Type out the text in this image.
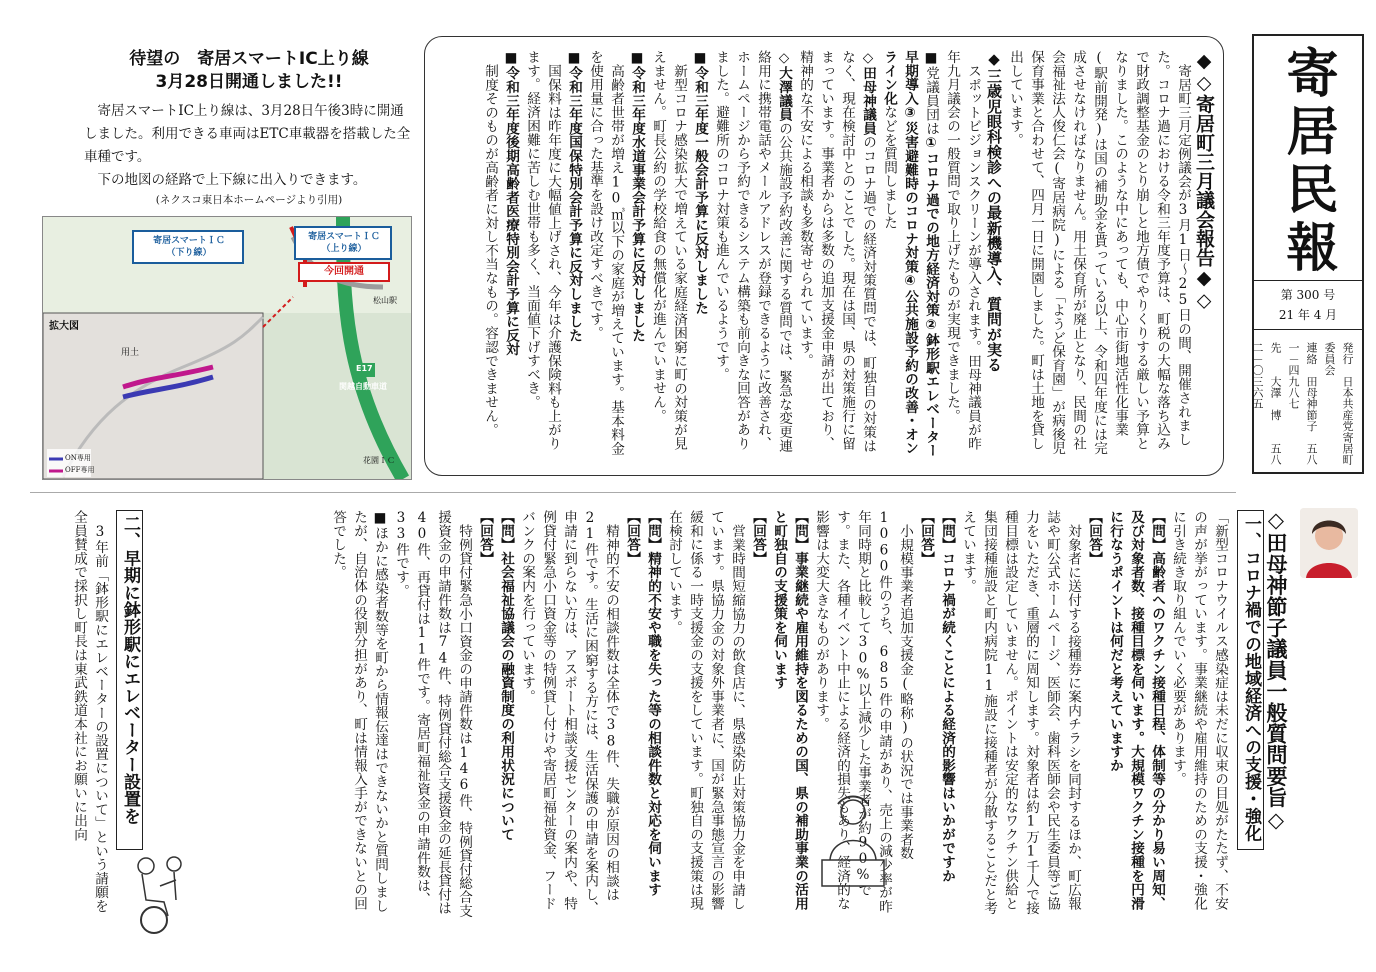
寄居民報
第 300 号
21 年 4 月

発行　日本共産党寄居町委員会

連絡　田母神節子　五八一－四九八七

先　　大澤　博　　五八二－〇三六五

◆◇寄居町三月議会報告◆◇

寄居町三月定例議会が3月1日～25日の間、開催されました。コロナ過における令和三年度予算は、町税の大幅な落ち込みで財政調整基金のとり崩しと地方債でやりくりする厳しい予算となりました。このような中にあっても、中心市街地活性化事業(駅前開発)は国の補助金を貰っている以上、令和四年度には完成させなければなりません。用土保育所が廃止となり、民間の社会福祉法人俊仁会(寄居病院)による「ようど保育園」が病後児保育事業と合わせて、四月一日に開園しました。町は土地を貸し出しています。

◆三歳児眼科検診への最新機導入、質問が実る

スポットビジョンスクリーンが導入されます。田母神議員が昨年九月議会の一般質問で取り上げたものが実現できました。

■党議員団は①コロナ過での地方経済対策②鉢形駅エレベーター早期導入③災害避難時のコロナ対策④公共施設予約の改善・オンライン化などを質問しました

◇田母神議員のコロナ過での経済対策質問では、町独自の対策はなく、現在検討中とのことでした。現在は国、県の対策施行に留まっています。事業者からは多数の追加支援金申請が出ており、精神的な不安による相談も多数寄せられています。

◇大澤議員の公共施設予約改善に関する質問では、緊急な変更連絡用に携帯電話やメールアドレスが登録できるように改善され、ホームページから予約できるシステム構築も前向きな回答がありました。避難所のコロナ対策も進んでいるようです。

■令和三年度一般会計予算に反対しました

新型コロナ感染拡大で増えている家庭経済困窮に町の対策が見えません。町長公約の学校給食の無償化が進んでいません。

■令和三年度水道事業会計予算に反対しました

高齢者世帯が増え10㎥以下の家庭が増えています。基本料金を使用量に合った基準を設け改定すべきです。

■令和三年度国保特別会計予算に反対しました

国保料は昨年度に大幅値上げされ、今年は介護保険料も上がります。経済困難に苦しむ世帯も多く、当面値下げすべき。

■令和三年度後期高齢者医療特別会計予算に反対

制度そのものが高齢者に対し不当なもの。容認できません。

待望の　寄居スマートIC上り線
3月28日開通しました!!

寄居スマートIC上り線は、3月28日午後3時に開通しました。利用できる車両はETC車載器を搭載した全車種です。

下の地図の経路で上下線に出入りできます。

(ネクスコ東日本ホームページより引用)
寄居スマートＩＣ
（下り線）
寄居スマートＩＣ
（上り線）
今回開通
拡大図
E17
関越自動車道
松山駅
用土
ON専用
OFF専用
花園ＩＣ
◇田母神節子議員一般質問要旨◇
一、コロナ禍での地域経済への支援・強化

「新型コロナウイルス感染症は未だに収束の目処がたたず、不安の声が挙がっています。事業継続や雇用維持のための支援・強化に引き続き取り組んでいく必要があります。

【問】高齢者へのワクチン接種日程、体制等の分かり易い周知、及び対象者数、接種目標を伺います。大規模ワクチン接種を円滑に行なうポイントは何だと考えていますか

【回答】

対象者に送付する接種券に案内チラシを同封するほか、町広報誌や町公式ホームページ、医師会、歯科医師会や民生委員等ご協力をいただき、重層的に周知します。対象者は約1万1千人で接種目標は設定していません。ポイントは安定的なワクチン供給と集団接種施設と町内病院11施設に接種者が分散することだと考えています。

【問】コロナ禍が続くことによる経済的影響はいかがですか

【回答】

小規模事業者追加支援金(略称)の状況では事業者数1060件のうち、685件の申請があり、売上の減少率が昨年同時期と比較して30%以上減少した事業者が約90%です。また、各種イベント中止による経済的損失もあり、経済的な影響は大変大きなものがあります。

【問】事業継続や雇用維持を図るための国、県の補助事業の活用と町独自の支援策を伺います

【回答】

営業時間短縮協力の飲食店に、県感染防止対策協力金を申請しています。県協力金の対象外事業者に、国が緊急事態宣言の影響緩和に係る一時支援金の支援をしています。町独自の支援策は現在検討しています。

【問】精神的不安や職を失った等の相談件数と対応を伺います

【回答】

精神的不安の相談件数は全体で38件、失職が原因の相談は21件です。生活に困窮する方には、生活保護の申請を案内し、申請に到らない方は、アスポート相談支援センターの案内や、特例貸付緊急小口資金等の特例貸し付けや寄居町福祉資金、フードバンクの案内を行っています。

【問】社会福祉協議会の融資制度の利用状況について

【回答】

特例貸付緊急小口資金の申請件数は146件、特例貸付総合支援資金の申請件数は74件、特例貸付総合支援資金の延長貸付は40件、再貸付は11件です。寄居町福祉資金の申請件数は、33件です。

■ほかに感染者数等を町から情報伝達はできないかと質問しましたが、自治体の役割分担があり、町は情報入手ができないとの回答でした。

二、早期に鉢形駅にエレベーター設置を

3年前「鉢形駅にエレベーターの設置について」という請願を全員賛成で採択し町長は東武鉄道本社にお願いに出向
